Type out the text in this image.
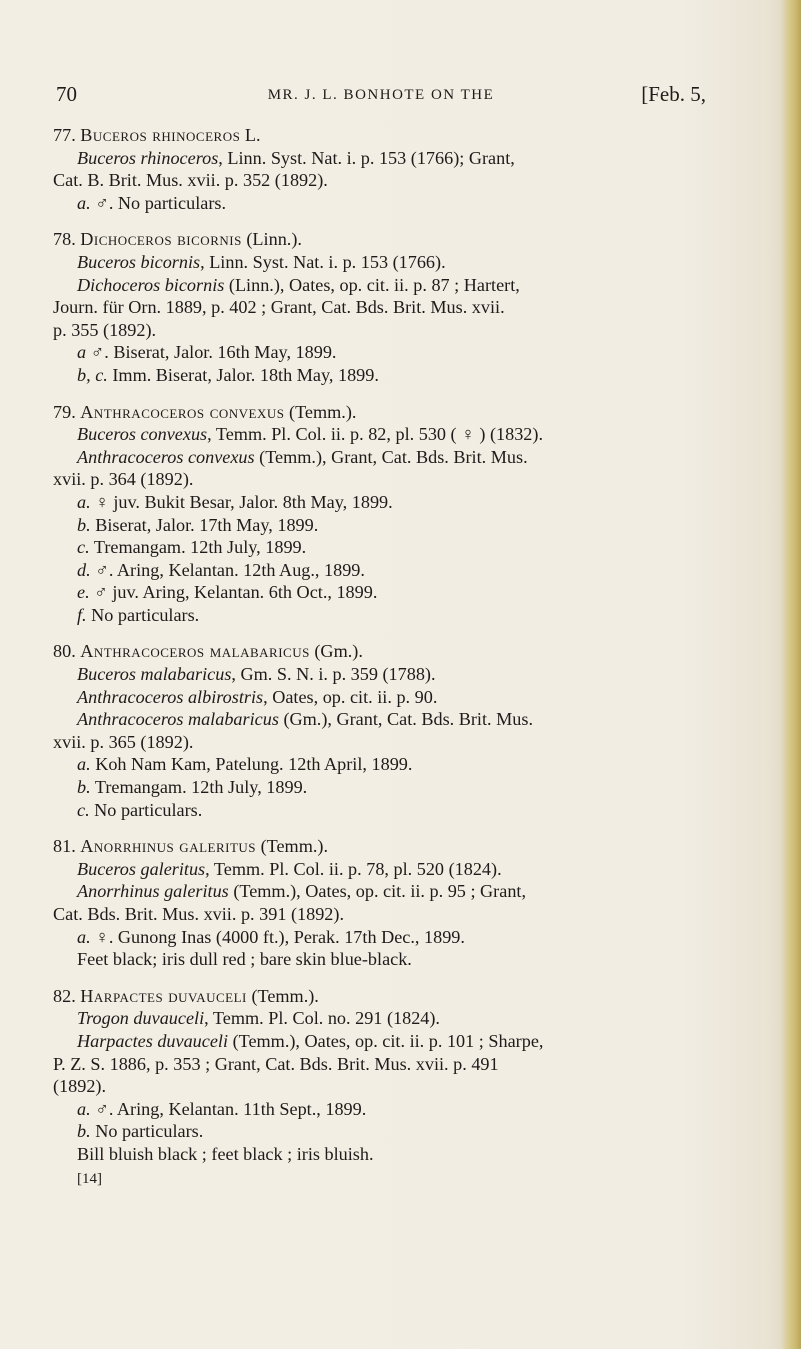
70	MR. J. L. BONHOTE ON THE	[Feb. 5,

77. Buceros rhinoceros L.

Buceros rhinoceros, Linn. Syst. Nat. i. p. 153 (1766); Grant,

Cat. B. Brit. Mus. xvii. p. 352 (1892).

a. ♂. No particulars.

78. Dichoceros bicornis (Linn.).

Buceros bicornis, Linn. Syst. Nat. i. p. 153 (1766).

Dichoceros bicornis (Linn.), Oates, op. cit. ii. p. 87 ; Hartert,

Journ. für Orn. 1889, p. 402 ; Grant, Cat. Bds. Brit. Mus. xvii.

p. 355 (1892).

a ♂. Biserat, Jalor. 16th May, 1899.

b, c. Imm. Biserat, Jalor. 18th May, 1899.

79. Anthracoceros convexus (Temm.).

Buceros convexus, Temm. Pl. Col. ii. p. 82, pl. 530 ( ♀ ) (1832).

Anthracoceros convexus (Temm.), Grant, Cat. Bds. Brit. Mus.

xvii. p. 364 (1892).

a. ♀ juv. Bukit Besar, Jalor. 8th May, 1899.

b. Biserat, Jalor. 17th May, 1899.

c. Tremangam. 12th July, 1899.

d. ♂. Aring, Kelantan. 12th Aug., 1899.

e. ♂ juv. Aring, Kelantan. 6th Oct., 1899.

f. No particulars.

80. Anthracoceros malabaricus (Gm.).

Buceros malabaricus, Gm. S. N. i. p. 359 (1788).

Anthracoceros albirostris, Oates, op. cit. ii. p. 90.

Anthracoceros malabaricus (Gm.), Grant, Cat. Bds. Brit. Mus.

xvii. p. 365 (1892).

a. Koh Nam Kam, Patelung. 12th April, 1899.

b. Tremangam. 12th July, 1899.

c. No particulars.

81. Anorrhinus galeritus (Temm.).

Buceros galeritus, Temm. Pl. Col. ii. p. 78, pl. 520 (1824).

Anorrhinus galeritus (Temm.), Oates, op. cit. ii. p. 95 ; Grant,

Cat. Bds. Brit. Mus. xvii. p. 391 (1892).

a. ♀. Gunong Inas (4000 ft.), Perak. 17th Dec., 1899.

Feet black; iris dull red ; bare skin blue-black.

82. Harpactes duvauceli (Temm.).

Trogon duvauceli, Temm. Pl. Col. no. 291 (1824).

Harpactes duvauceli (Temm.), Oates, op. cit. ii. p. 101 ; Sharpe,

P. Z. S. 1886, p. 353 ; Grant, Cat. Bds. Brit. Mus. xvii. p. 491

(1892).

a. ♂. Aring, Kelantan. 11th Sept., 1899.

b. No particulars.

Bill bluish black ; feet black ; iris bluish.

[14]
